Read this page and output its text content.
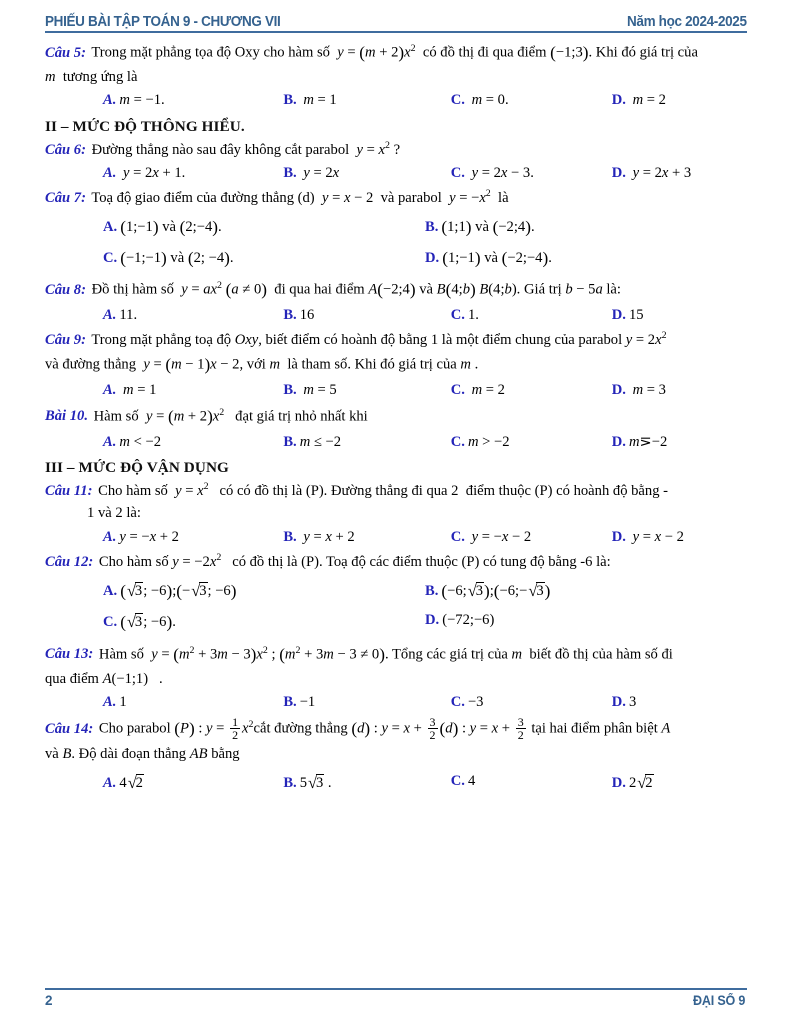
PHIẾU BÀI TẬP TOÁN 9 - CHƯƠNG VII	Năm học 2024-2025
Câu 5: Trong mặt phẳng tọa độ Oxy cho hàm số  $y = (m + 2)x^2$  có đồ thị đi qua điểm (−1;3). Khi đó giá trị của
m  tương ứng là
A. m = −1.	B. m = 1	C. m = 0.	D. m = 2
II – MỨC ĐỘ THÔNG HIỂU.
Câu 6: Đường thẳng nào sau đây không cắt parabol  $y = x^2$ ?
A. y = 2x + 1.	B. y = 2x	C. y = 2x − 3.	D. y = 2x + 3
Câu 7: Toạ độ giao điểm của đường thẳng (d)  y = x − 2  và parabol  $y = -x^2$  là
A. (1;−1) và (2;−4).	B. (1;1) và (−2;4).
C. (−1;−1) và (2; −4).	D. (1;−1) và (−2;−4).
Câu 8: Đồ thị hàm số  $y = ax^2$ (a ≠ 0)  đi qua hai điểm A(−2;4) và B(4;b) B(4;b). Giá trị b − 5a là:
A. 11.	B. 16	C. 1.	D. 15
Câu 9: Trong mặt phẳng toạ độ Oxy, biết điểm có hoành độ bằng 1 là một điểm chung của parabol $y = 2x^2$
và đường thẳng  y = (m − 1)x − 2, với m  là tham số. Khi đó giá trị của m .
A. m = 1	B. m = 5	C. m = 2	D. m = 3
Bài 10. Hàm số  $y = (m + 2)x^2$   đạt giá trị nhỏ nhất khi
A. m < −2	B. m ≤ −2	C. m > −2	D. m⋝−2
III – MỨC ĐỘ VẬN DỤNG
Câu 11: Cho hàm số  $y = x^2$   có có đồ thị là (P). Đường thẳng đi qua 2  điểm thuộc (P) có hoành độ bằng -
1 và 2 là:
A. y = −x + 2	B. y = x + 2	C. y = −x − 2	D. y = x − 2
Câu 12: Cho hàm số $y = -2x^2$   có đồ thị là (P). Toạ độ các điểm thuộc (P) có tung độ bằng -6 là:
A. (√3; −6);(−√3; −6)	B. (−6;√3);(−6;−√3)
C. (√3; −6).	D. (−72;−6)
Câu 13: Hàm số  $y = (m^2 + 3m - 3)x^2$ ; $(m^2 + 3m - 3 \ne 0)$. Tổng các giá trị của m  biết đồ thị của hàm số đi
qua điểm A(−1;1)   .
A. 1	B. −1	C. −3	D. 3
Câu 14: Cho parabol (P) : $y = \frac{1}{2}$ $x^2cắt$ đường thẳng (d) : $y = x + \frac{3}{2} (d)$ : $y = x + \frac{3}{2}$ tại hai điểm phân biệt A
và B. Độ dài đoạn thẳng AB bằng
A. 4√2	B. 5√3 .	C. 4	D. 2√2
2	ĐẠI SỐ 9
